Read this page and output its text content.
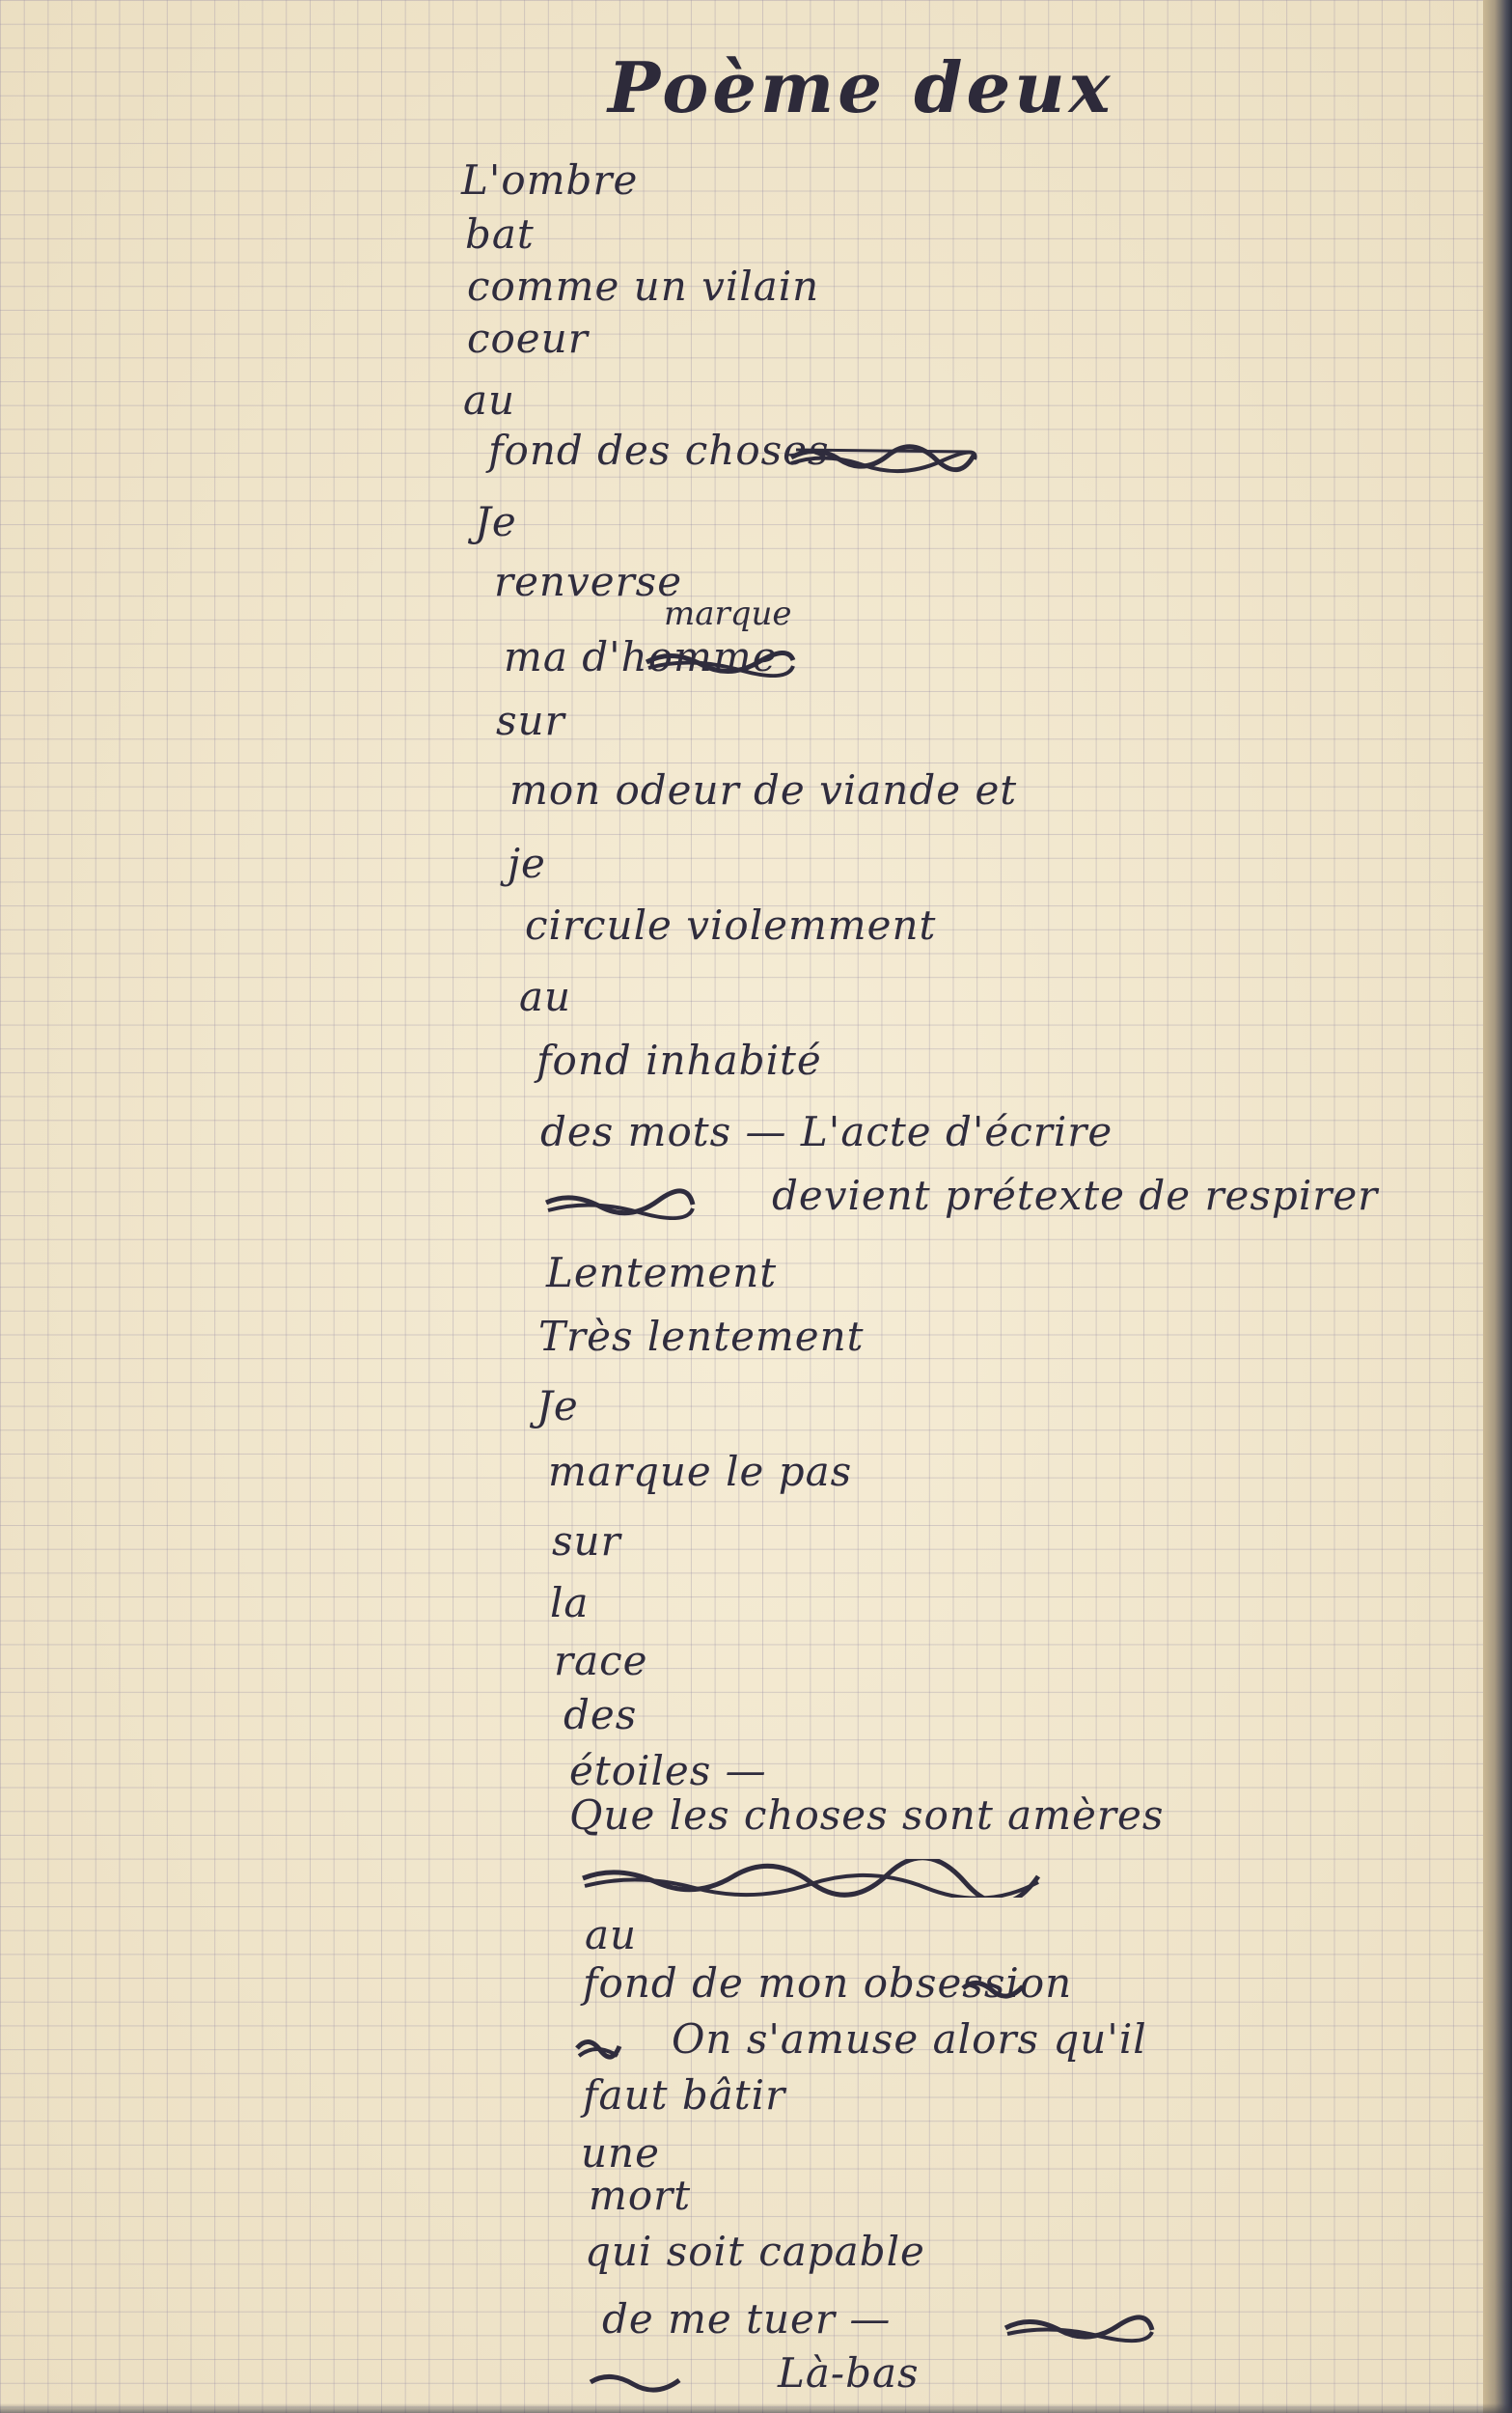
Poème deux
L'ombre
bat
comme un vilain
coeur
au
fond des choses
Je
renverse
marque
ma d'homme
sur
mon odeur de viande et
je
circule violemment
au
fond inhabité
des mots — L'acte d'écrire
devient prétexte de respirer
Lentement
Très lentement
Je
marque le pas
sur
la
race
des
étoiles —
Que les choses sont amères
au
fond de mon obsession
On s'amuse alors qu'il
faut bâtir
une
mort
qui soit capable
de me tuer —
Là-bas
